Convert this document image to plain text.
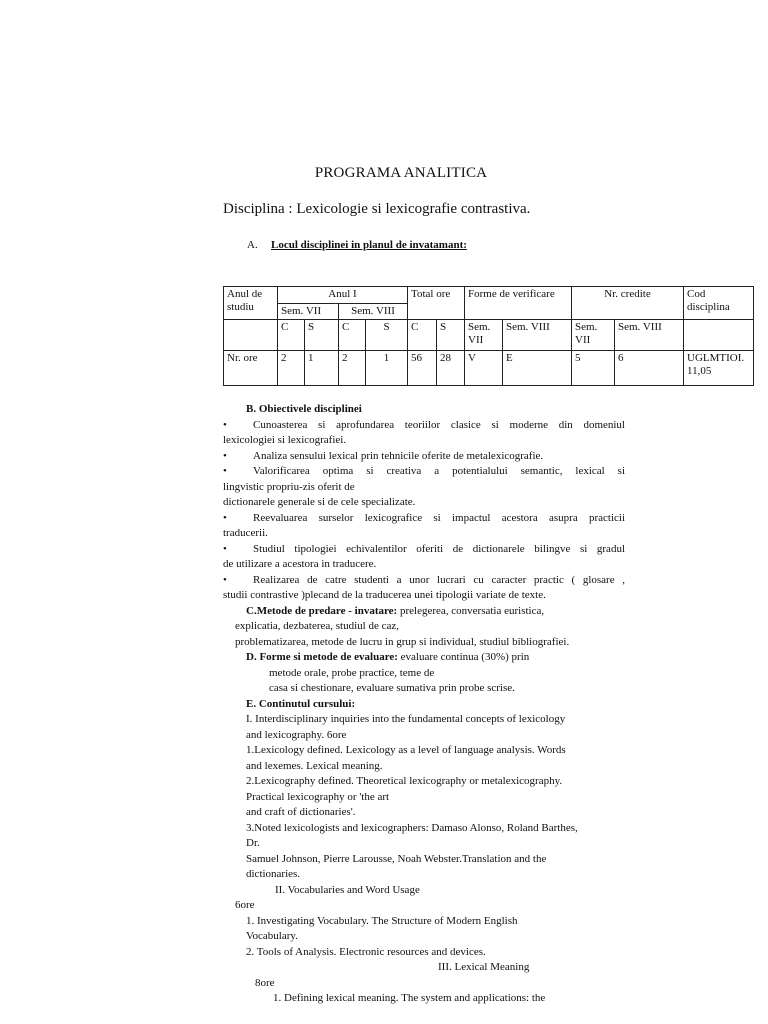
PROGRAMA ANALITICA
Disciplina : Lexicologie si lexicografie contrastiva.
A. Locul disciplinei in planul de invatamant:
Anul de studiu	Anul I				Total ore		Forme de verificare		Nr. credite		Cod disciplina
	Sem. VII		Sem. VIII								
	C	S	C	S	C	S	Sem. VII	Sem. VIII	Sem. VII	Sem. VIII	
Nr. ore	2	1	2	1	56	28	V	E	5	6	UGLMTIOI. 11,05

B. Obiectivele disciplinei

• Cunoasterea si aprofundarea teoriilor clasice si moderne din domeniul

lexicologiei si lexicografiei.

• Analiza sensului lexical prin tehnicile oferite de metalexicografie.

• Valorificarea optima si creativa a potentialului semantic, lexical si

lingvistic propriu-zis oferit de

dictionarele generale si de cele specializate.

• Reevaluarea surselor lexicografice si impactul acestora asupra practicii

traducerii.

• Studiul tipologiei echivalentilor oferiti de dictionarele bilingve si gradul

de utilizare a acestora in traducere.

• Realizarea de catre studenti a unor lucrari cu caracter practic ( glosare ,

studii contrastive )plecand de la traducerea unei tipologii variate de texte.

C.Metode de predare - invatare: prelegerea, conversatia euristica,

explicatia, dezbaterea, studiul de caz,

problematizarea, metode de lucru in grup si individual, studiul bibliografiei.

D. Forme si metode de evaluare: evaluare continua (30%) prin

metode orale, probe practice, teme de

casa si chestionare, evaluare sumativa prin probe scrise.

E. Continutul cursului:

I. Interdisciplinary inquiries into the fundamental concepts of lexicology

and lexicography. 6ore

1.Lexicology defined. Lexicology as a level of language analysis. Words

and lexemes. Lexical meaning.

2.Lexicography defined. Theoretical lexicography or metalexicography.

Practical lexicography or 'the art

and craft of dictionaries'.

3.Noted lexicologists and lexicographers: Damaso Alonso, Roland Barthes,

Dr.

Samuel Johnson, Pierre Larousse, Noah Webster.Translation and the

dictionaries.

II. Vocabularies and Word Usage

6ore

1. Investigating Vocabulary. The Structure of Modern English

Vocabulary.

2. Tools of Analysis. Electronic resources and devices.

III. Lexical Meaning

8ore

1. Defining lexical meaning. The system and applications: the
